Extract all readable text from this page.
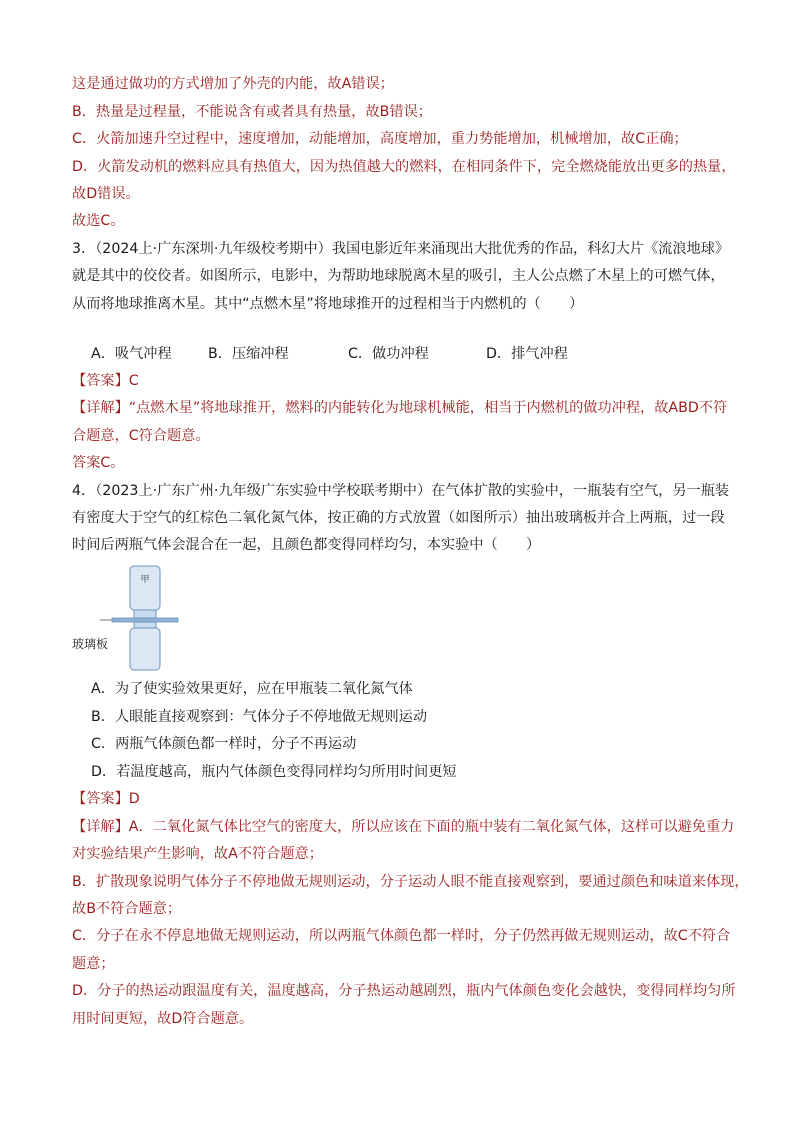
这是通过做功的方式增加了外壳的内能，故A错误；
B．热量是过程量，不能说含有或者具有热量，故B错误；
C．火箭加速升空过程中，速度增加，动能增加，高度增加，重力势能增加，机械增加，故C正确；
D．火箭发动机的燃料应具有热值大，因为热值越大的燃料，在相同条件下，完全燃烧能放出更多的热量，
故D错误。
故选C。
3．（2024上·广东深圳·九年级校考期中）我国电影近年来涌现出大批优秀的作品，科幻大片《流浪地球》
就是其中的佼佼者。如图所示，电影中，为帮助地球脱离木星的吸引，主人公点燃了木星上的可燃气体，
从而将地球推离木星。其中“点燃木星”将地球推开的过程相当于内燃机的（　　）
A．吸气冲程	B．压缩冲程	C．做功冲程	D．排气冲程
【答案】C
【详解】“点燃木星”将地球推开，燃料的内能转化为地球机械能，相当于内燃机的做功冲程，故ABD不符
合题意，C符合题意。
答案C。
4．（2023上·广东广州·九年级广东实验中学校联考期中）在气体扩散的实验中，一瓶装有空气，另一瓶装
有密度大于空气的红棕色二氧化氮气体，按正确的方式放置（如图所示）抽出玻璃板并合上两瓶，过一段
时间后两瓶气体会混合在一起，且颜色都变得同样均匀，本实验中（　　）
玻璃板
甲
A．为了使实验效果更好，应在甲瓶装二氧化氮气体
B．人眼能直接观察到：气体分子不停地做无规则运动
C．两瓶气体颜色都一样时，分子不再运动
D．若温度越高，瓶内气体颜色变得同样均匀所用时间更短
【答案】D
【详解】A．二氧化氮气体比空气的密度大，所以应该在下面的瓶中装有二氧化氮气体，这样可以避免重力
对实验结果产生影响，故A不符合题意；
B．扩散现象说明气体分子不停地做无规则运动，分子运动人眼不能直接观察到，要通过颜色和味道来体现，
故B不符合题意；
C．分子在永不停息地做无规则运动，所以两瓶气体颜色都一样时，分子仍然再做无规则运动，故C不符合
题意；
D．分子的热运动跟温度有关，温度越高，分子热运动越剧烈，瓶内气体颜色变化会越快，变得同样均匀所
用时间更短，故D符合题意。
